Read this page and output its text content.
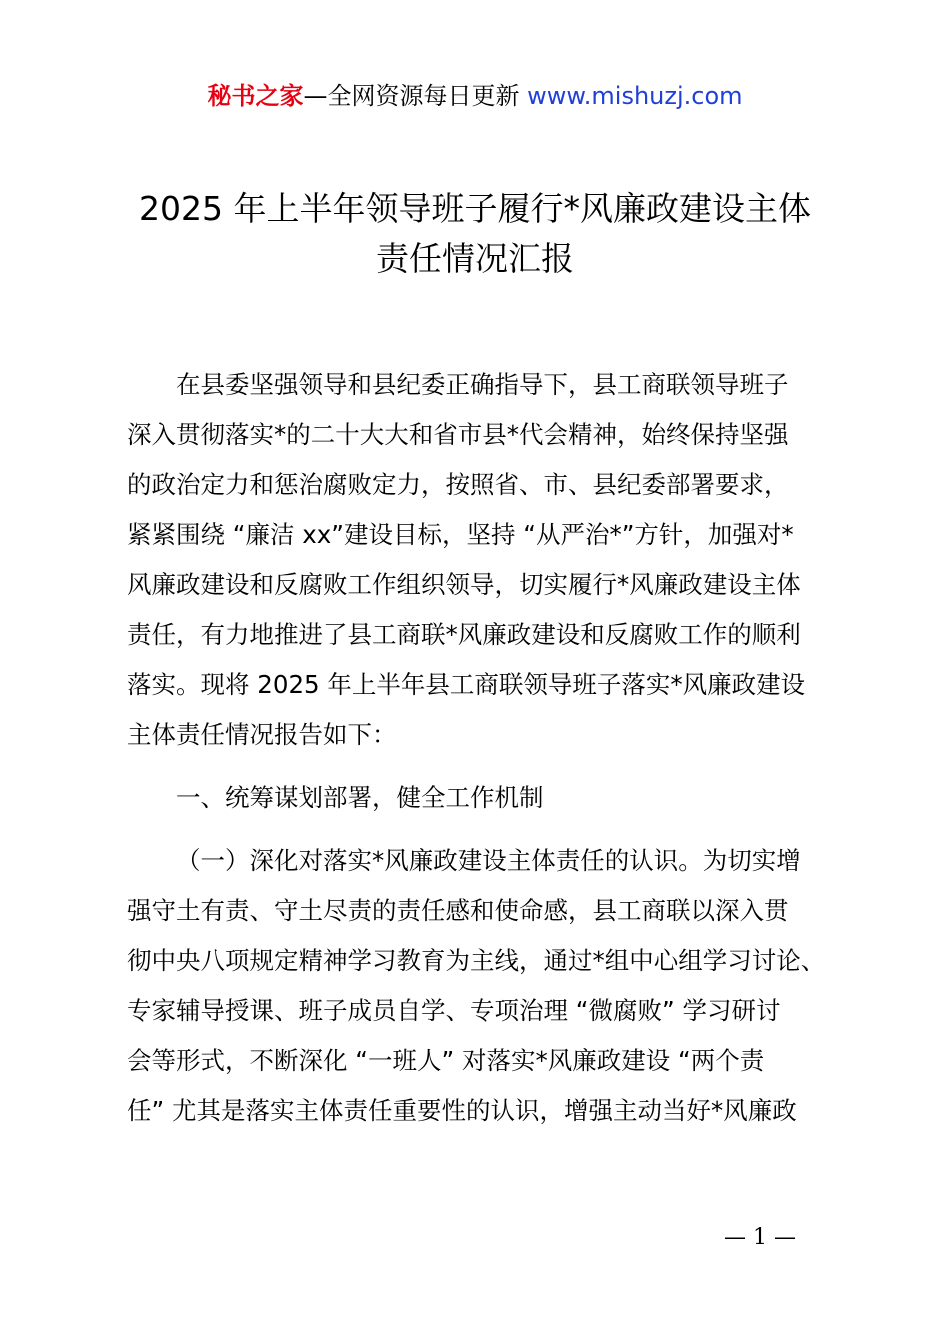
秘书之家—全网资源每日更新 www.mishuzj.com
2025 年上半年领导班子履行*风廉政建设主体
责任情况汇报
在县委坚强领导和县纪委正确指导下，县工商联领导班子
深入贯彻落实*的二十大大和省市县*代会精神，始终保持坚强
的政治定力和惩治腐败定力，按照省、市、县纪委部署要求，
紧紧围绕 “廉洁 xx”建设目标，坚持 “从严治*”方针，加强对*
风廉政建设和反腐败工作组织领导，切实履行*风廉政建设主体
责任，有力地推进了县工商联*风廉政建设和反腐败工作的顺利
落实。现将 2025 年上半年县工商联领导班子落实*风廉政建设
主体责任情况报告如下：
一、统筹谋划部署，健全工作机制
（一）深化对落实*风廉政建设主体责任的认识。为切实增
强守土有责、守土尽责的责任感和使命感，县工商联以深入贯
彻中央八项规定精神学习教育为主线，通过*组中心组学习讨论、
专家辅导授课、班子成员自学、专项治理 “微腐败” 学习研讨
会等形式，不断深化 “一班人” 对落实*风廉政建设 “两个责
任” 尤其是落实主体责任重要性的认识，增强主动当好*风廉政
— 1 —
